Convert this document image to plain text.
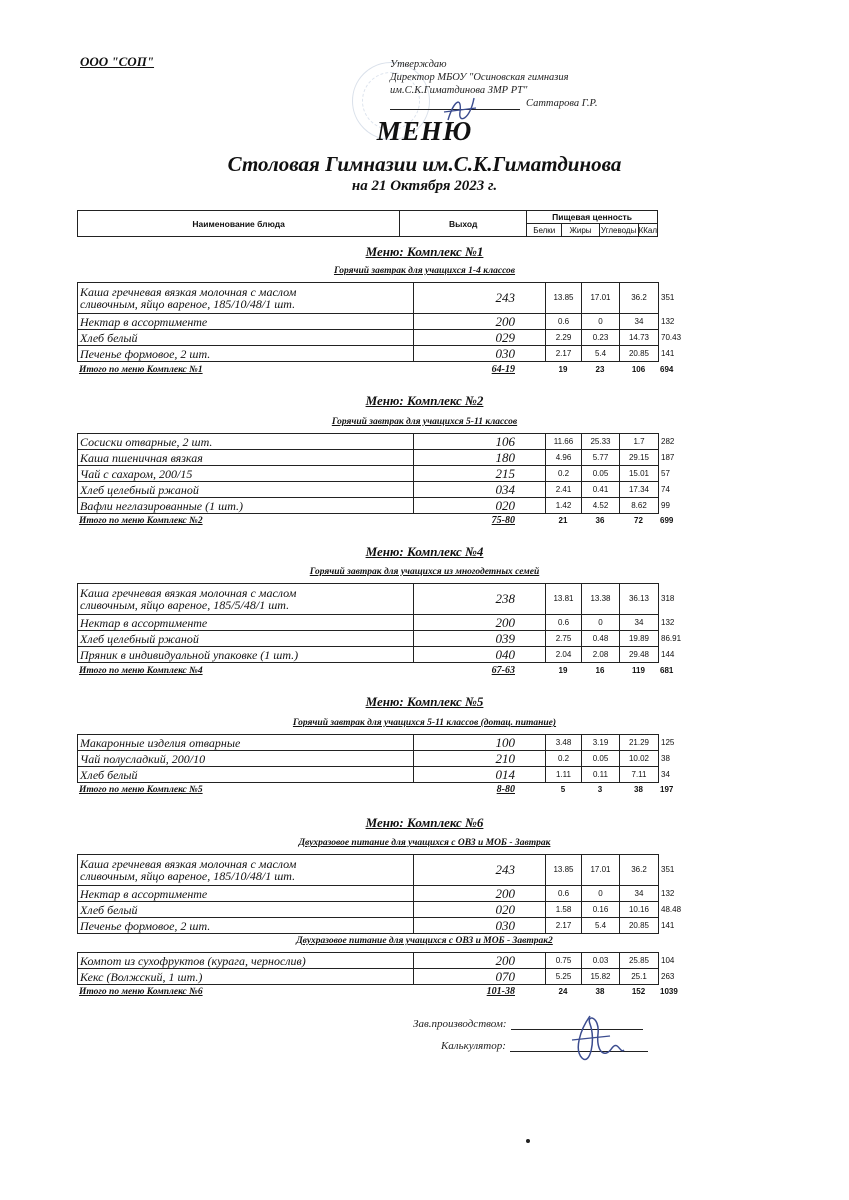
ООО "СОП"	Утверждаю
Директор МБОУ "Осиновская гимназия
им.С.К.Гиматдинова ЗМР РТ"
Саттарова Г.Р.
МЕНЮ
Столовая Гимназии им.С.К.Гиматдинова
на 21 Октября 2023 г.
Наименование блюда	Выход	Пищевая ценность			
		Белки	Жиры	Углеводы	ККал
Меню: Комплекс №1
Горячий завтрак для учащихся 1-4 классов
Каша гречневая вязкая молочная с маслом
сливочным, яйцо вареное, 185/10/48/1 шт.	243	13.85	17.01	36.2	351
Нектар в ассортименте	200	0.6	0	34	132
Хлеб белый	029	2.29	0.23	14.73	70.43
Печенье формовое, 2 шт.	030	2.17	5.4	20.85	141
Итого по меню Комплекс №1	64-19	19	23	106	694
Меню: Комплекс №2
Горячий завтрак для учащихся 5-11 классов
Сосиски отварные, 2 шт.	106	11.66	25.33	1.7	282
Каша пшеничная вязкая	180	4.96	5.77	29.15	187
Чай с сахаром, 200/15	215	0.2	0.05	15.01	57
Хлеб целебный ржаной	034	2.41	0.41	17.34	74
Вафли неглазированные (1 шт.)	020	1.42	4.52	8.62	99
Итого по меню Комплекс №2	75-80	21	36	72	699
Меню: Комплекс №4
Горячий завтрак для учащихся из многодетных семей
Каша гречневая вязкая молочная с маслом
сливочным, яйцо вареное, 185/5/48/1 шт.	238	13.81	13.38	36.13	318
Нектар в ассортименте	200	0.6	0	34	132
Хлеб целебный ржаной	039	2.75	0.48	19.89	86.91
Пряник в индивидуальной упаковке (1 шт.)	040	2.04	2.08	29.48	144
Итого по меню Комплекс №4	67-63	19	16	119	681
Меню: Комплекс №5
Горячий завтрак для учащихся 5-11 классов (дотац. питание)
Макаронные изделия отварные	100	3.48	3.19	21.29	125
Чай полусладкий, 200/10	210	0.2	0.05	10.02	38
Хлеб белый	014	1.11	0.11	7.11	34
Итого по меню Комплекс №5	8-80	5	3	38	197
Меню: Комплекс №6
Двухразовое питание для учащихся с ОВЗ и МОБ - Завтрак
Каша гречневая вязкая молочная с маслом
сливочным, яйцо вареное, 185/10/48/1 шт.	243	13.85	17.01	36.2	351
Нектар в ассортименте	200	0.6	0	34	132
Хлеб белый	020	1.58	0.16	10.16	48.48
Печенье формовое, 2 шт.	030	2.17	5.4	20.85	141
Двухразовое питание для учащихся с ОВЗ и МОБ - Завтрак2
Компот из сухофруктов (курага, чернослив)	200	0.75	0.03	25.85	104
Кекс (Волжский, 1 шт.)	070	5.25	15.82	25.1	263
Итого по меню Комплекс №6	101-38	24	38	152	1039
Зав.производством:
Калькулятор:
